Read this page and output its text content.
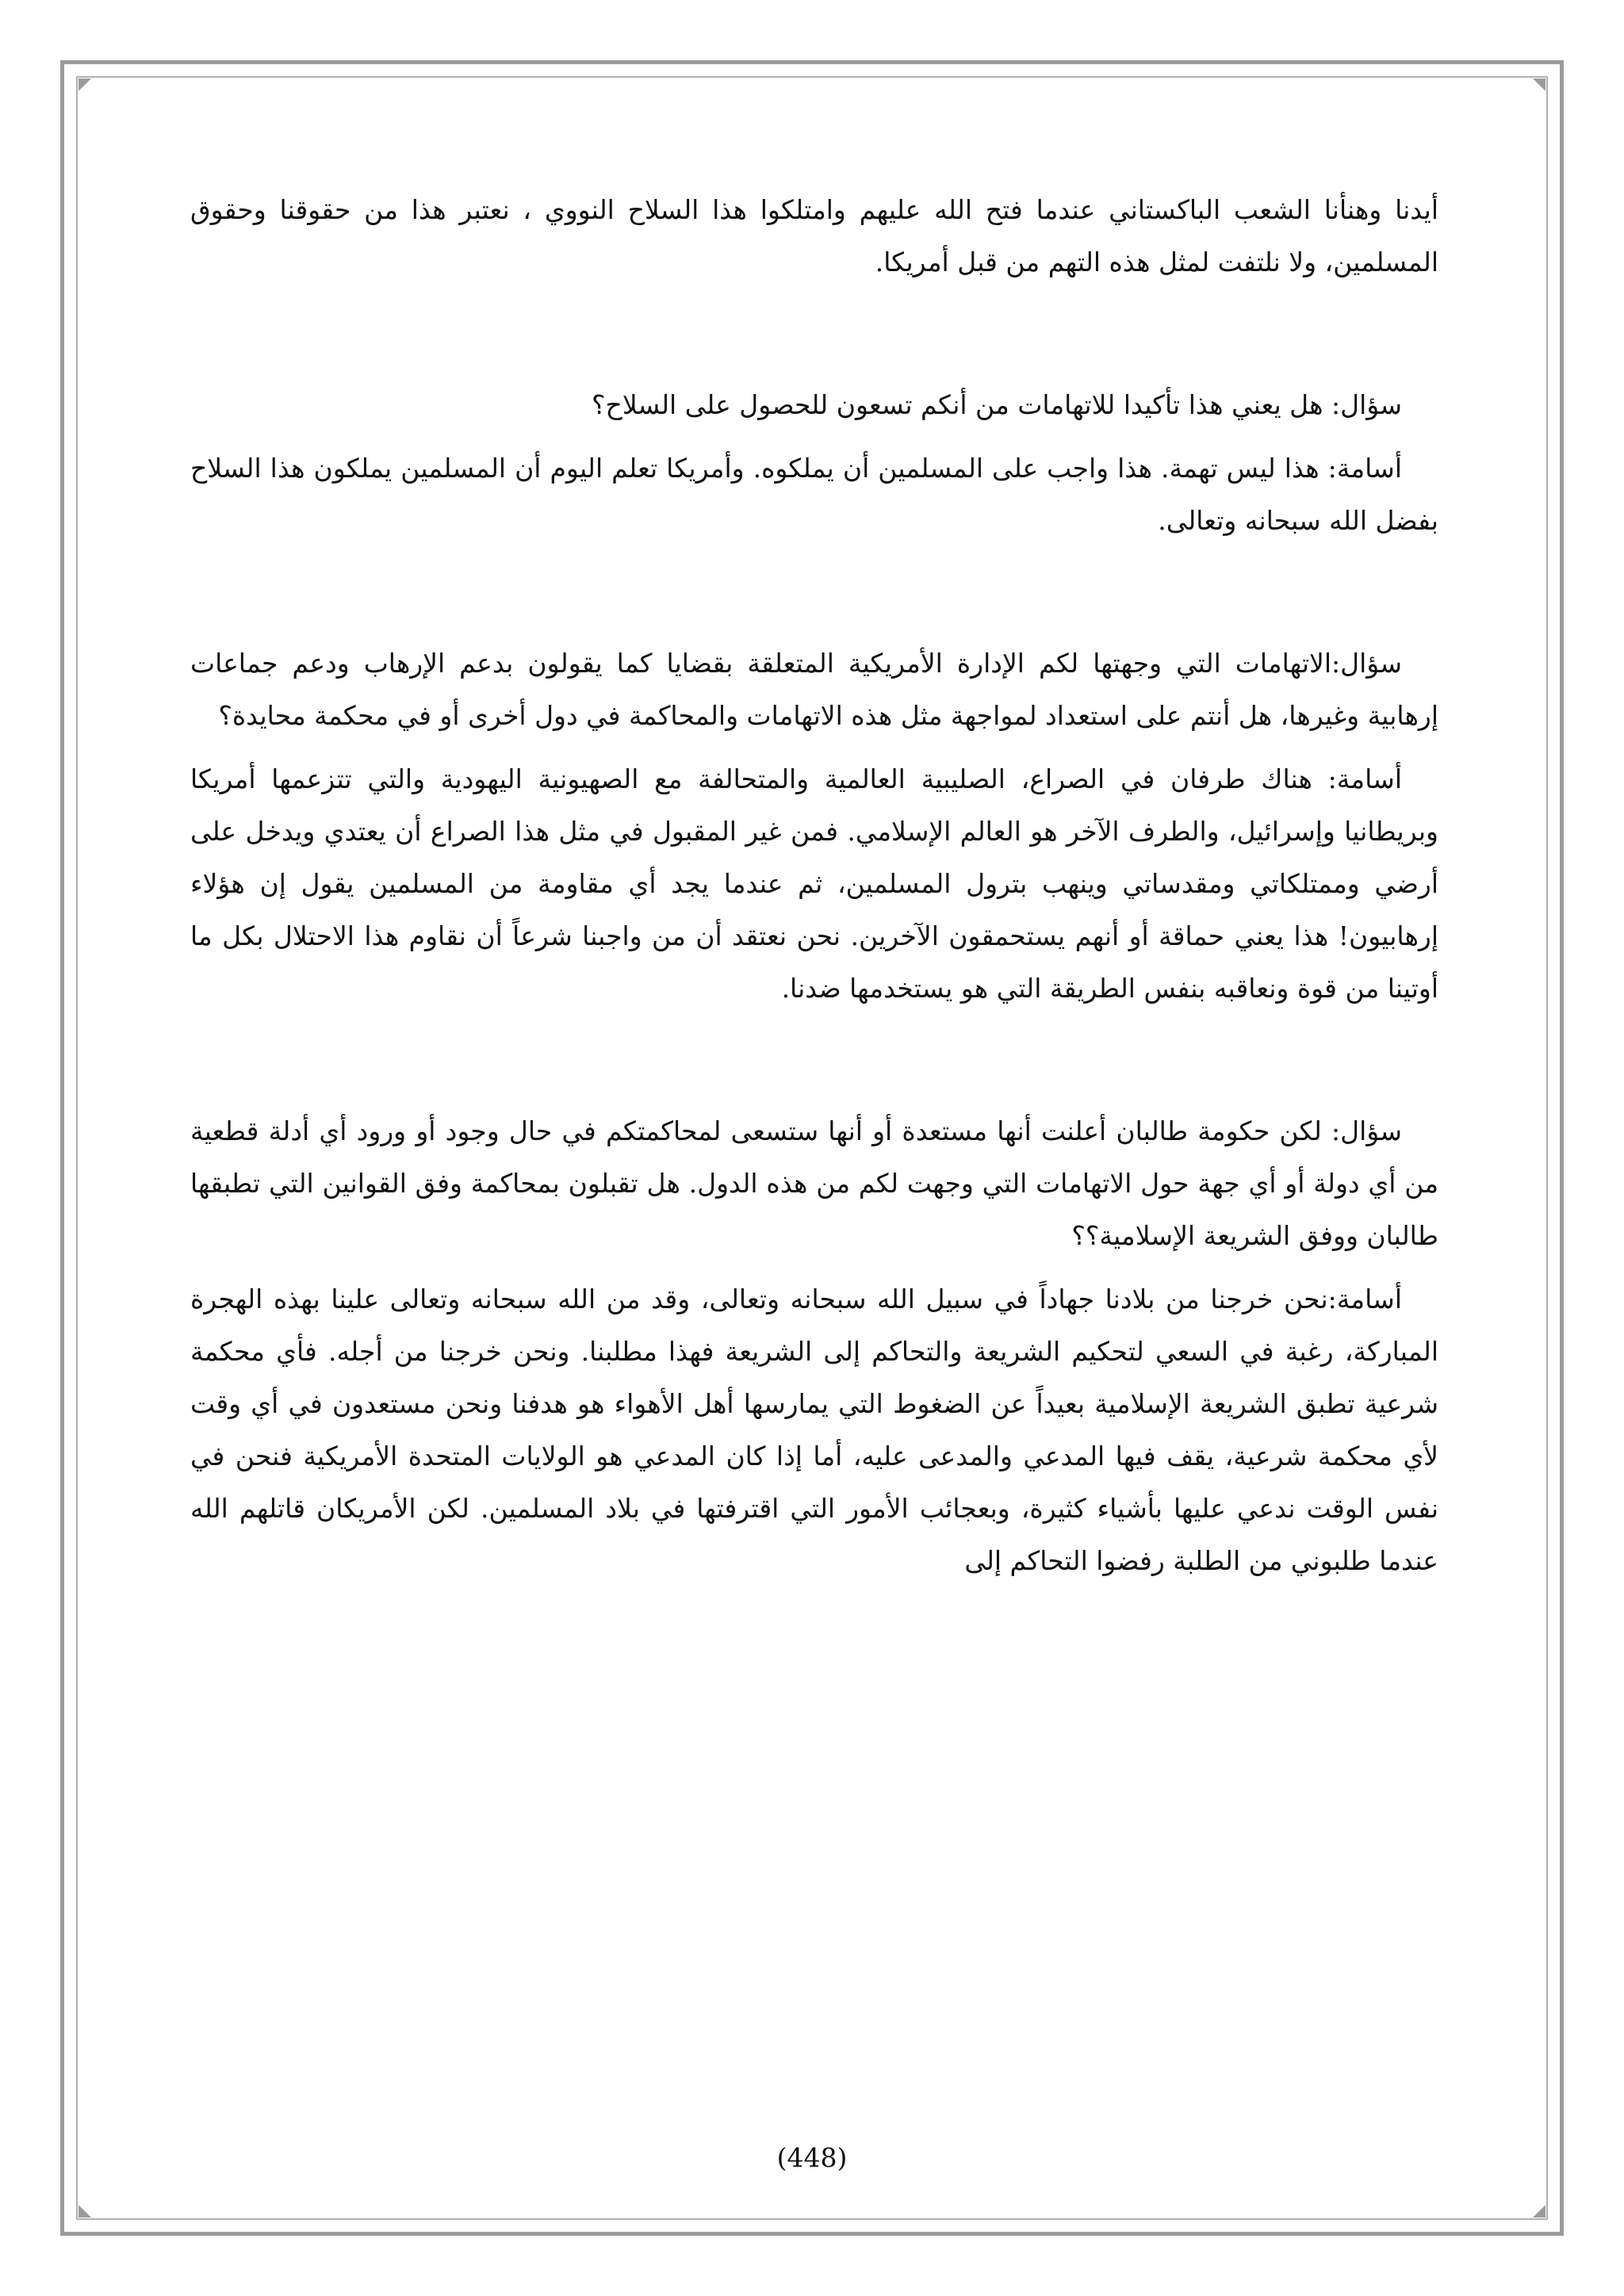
أيدنا وهنأنا الشعب الباكستاني عندما فتح الله عليهم وامتلكوا هذا السلاح النووي ، نعتبر هذا من حقوقنا وحقوق المسلمين، ولا نلتفت لمثل هذه التهم من قبل أمريكا.

سؤال: هل يعني هذا تأكيدا للاتهامات من أنكم تسعون للحصول على السلاح؟

أسامة: هذا ليس تهمة. هذا واجب على المسلمين أن يملكوه. وأمريكا تعلم اليوم أن المسلمين يملكون هذا السلاح بفضل الله سبحانه وتعالى.

سؤال:الاتهامات التي وجهتها لكم الإدارة الأمريكية المتعلقة بقضايا كما يقولون بدعم الإرهاب ودعم جماعات إرهابية وغيرها، هل أنتم على استعداد لمواجهة مثل هذه الاتهامات والمحاكمة في دول أخرى أو في محكمة محايدة؟

أسامة: هناك طرفان في الصراع، الصليبية العالمية والمتحالفة مع الصهيونية اليهودية والتي تتزعمها أمريكا وبريطانيا وإسرائيل، والطرف الآخر هو العالم الإسلامي. فمن غير المقبول في مثل هذا الصراع أن يعتدي ويدخل على أرضي وممتلكاتي ومقدساتي وينهب بترول المسلمين، ثم عندما يجد أي مقاومة من المسلمين يقول إن هؤلاء إرهابيون! هذا يعني حماقة أو أنهم يستحمقون الآخرين. نحن نعتقد أن من واجبنا شرعاً أن نقاوم هذا الاحتلال بكل ما أوتينا من قوة ونعاقبه بنفس الطريقة التي هو يستخدمها ضدنا.

سؤال: لكن حكومة طالبان أعلنت أنها مستعدة أو أنها ستسعى لمحاكمتكم في حال وجود أو ورود أي أدلة قطعية من أي دولة أو أي جهة حول الاتهامات التي وجهت لكم من هذه الدول. هل تقبلون بمحاكمة وفق القوانين التي تطبقها طالبان ووفق الشريعة الإسلامية؟؟

أسامة:نحن خرجنا من بلادنا جهاداً في سبيل الله سبحانه وتعالى، وقد من الله سبحانه وتعالى علينا بهذه الهجرة المباركة، رغبة في السعي لتحكيم الشريعة والتحاكم إلى الشريعة فهذا مطلبنا. ونحن خرجنا من أجله. فأي محكمة شرعية تطبق الشريعة الإسلامية بعيداً عن الضغوط التي يمارسها أهل الأهواء هو هدفنا ونحن مستعدون في أي وقت لأي محكمة شرعية، يقف فيها المدعي والمدعى عليه، أما إذا كان المدعي هو الولايات المتحدة الأمريكية فنحن في نفس الوقت ندعي عليها بأشياء كثيرة، وبعجائب الأمور التي اقترفتها في بلاد المسلمين. لكن الأمريكان قاتلهم الله عندما طلبوني من الطلبة رفضوا التحاكم إلى

(448)
